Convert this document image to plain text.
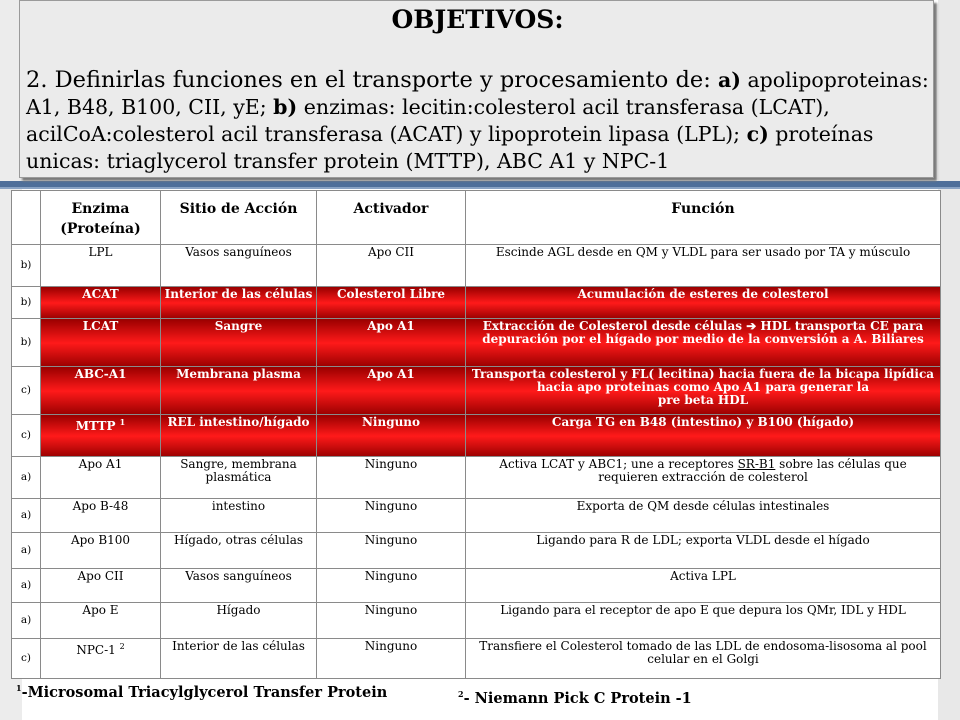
OBJETIVOS:
2. Definirlas funciones en el transporte y procesamiento de: a) apolipoproteinas: A1, B48, B100, CII, yE; b) enzimas: lecitin:colesterol acil transferasa (LCAT), acilCoA:colesterol acil transferasa (ACAT) y lipoprotein lipasa (LPL); c) proteínas unicas: triaglycerol transfer protein (MTTP), ABC A1 y NPC-1
	Enzima (Proteína)	Sitio de Acción	Activador	Función
b)	LPL	Vasos sanguíneos	Apo CII	Escinde AGL desde en QM y VLDL para ser usado por TA y músculo
b)	ACAT	Interior de las células	Colesterol Libre	Acumulación de esteres de colesterol
b)	LCAT	Sangre	Apo A1	Extracción de Colesterol desde células ➔ HDL transporta CE para depuración por el hígado por medio de la conversión a A. Biliares
c)	ABC-A1	Membrana plasma	Apo A1	Transporta colesterol y FL( lecitina) hacia fuera de la bicapa lipídica hacia apo proteinas como Apo A1 para generar la
pre beta HDL
c)	MTTP $^1$	REL intestino/hígado	Ninguno	Carga TG en B48 (intestino) y B100 (hígado)
a)	Apo A1	Sangre, membrana plasmática	Ninguno	Activa LCAT y ABC1; une a receptores SR-B1 sobre las células que requieren extracción de colesterol
a)	Apo B-48	intestino	Ninguno	Exporta de QM desde células intestinales
a)	Apo B100	Hígado, otras células	Ninguno	Ligando para R de LDL; exporta VLDL desde el hígado
a)	Apo CII	Vasos sanguíneos	Ninguno	Activa LPL
a)	Apo E	Hígado	Ninguno	Ligando para el receptor de apo E que depura los QMr, IDL y HDL
c)	NPC-1 $^2$	Interior de las células	Ninguno	Transfiere el Colesterol tomado de las LDL de endosoma-lisosoma al pool celular en el Golgi
$^1$-Microsomal Triacylglycerol Transfer Protein	$^2$- Niemann Pick C Protein -1
